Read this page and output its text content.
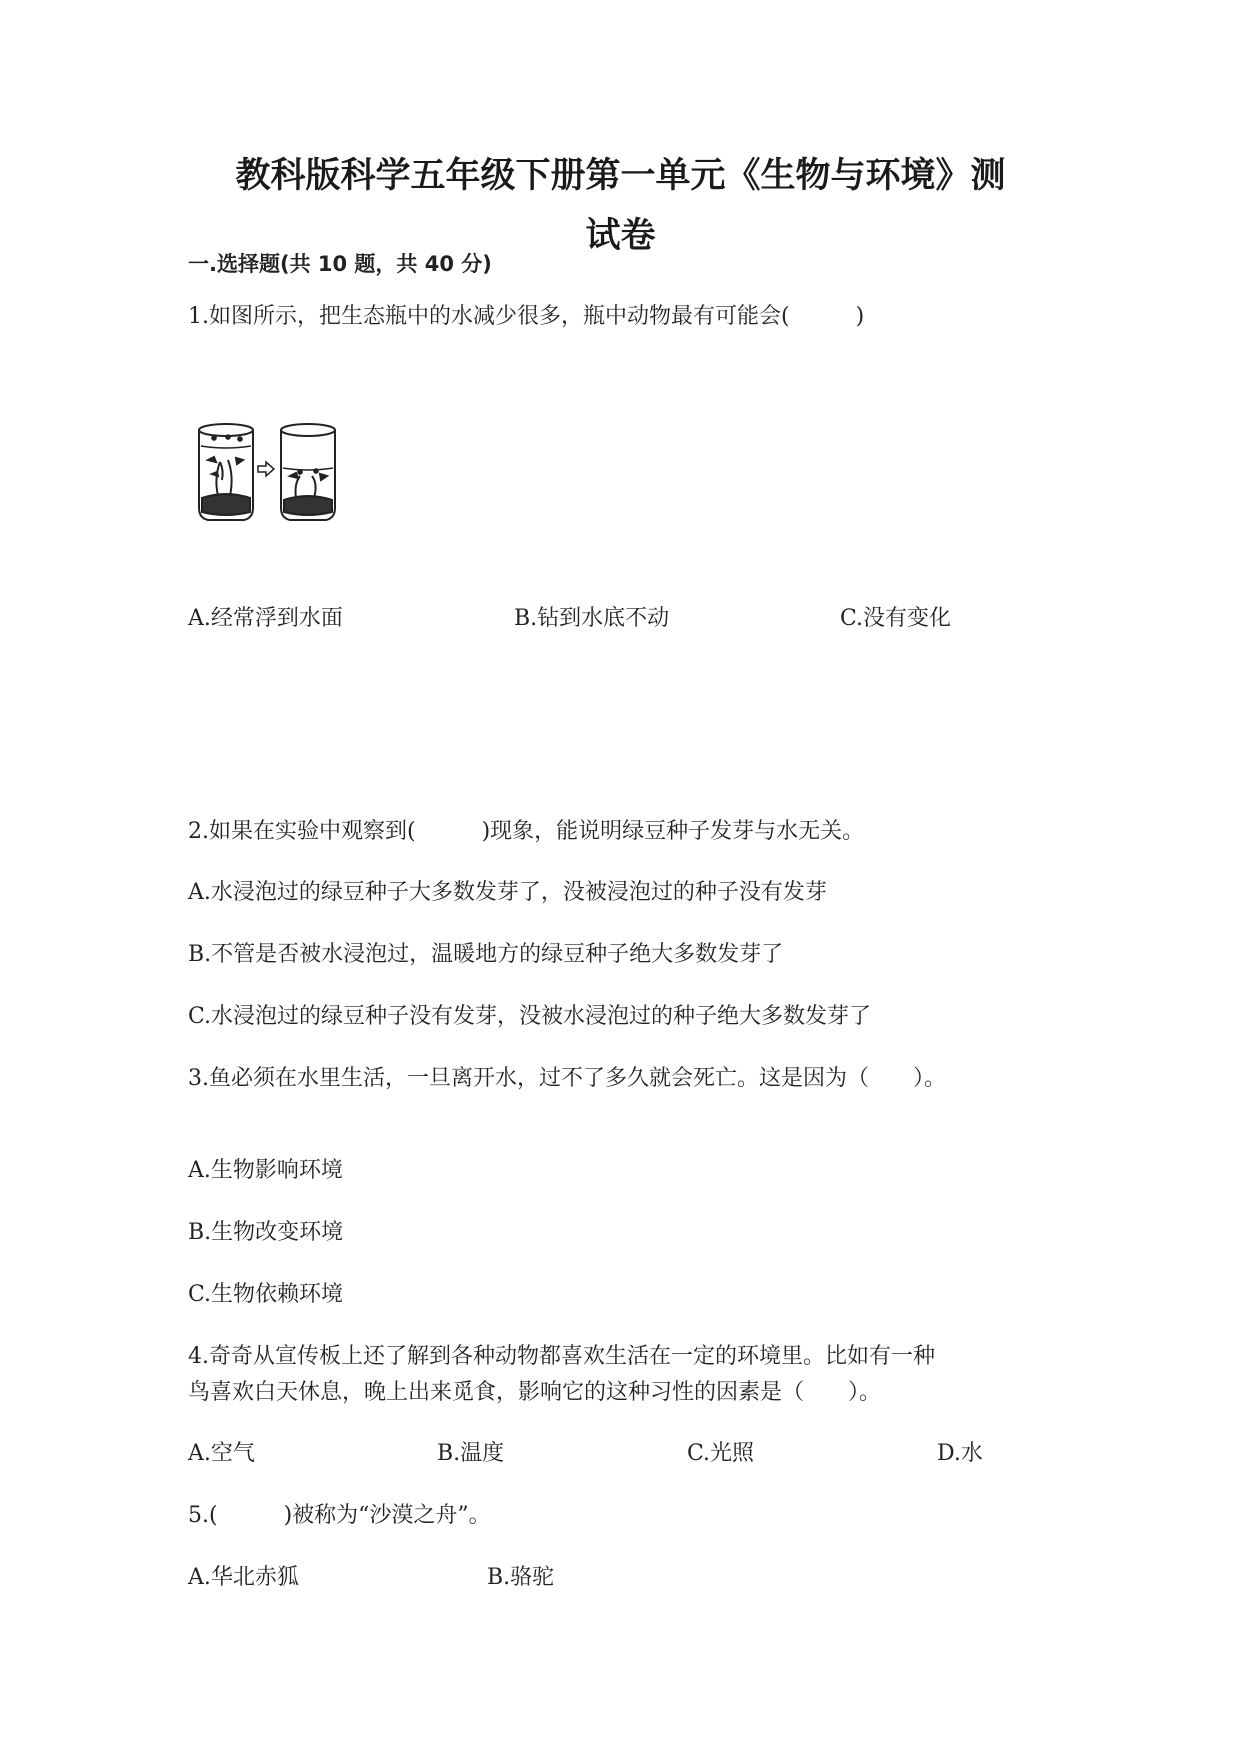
教科版科学五年级下册第一单元《生物与环境》测
试卷
一.选择题(共 10 题，共 40 分)
1.如图所示，把生态瓶中的水减少很多，瓶中动物最有可能会(　　　)
A.经常浮到水面	B.钻到水底不动	C.没有变化
2.如果在实验中观察到(　　　)现象，能说明绿豆种子发芽与水无关。
A.水浸泡过的绿豆种子大多数发芽了，没被浸泡过的种子没有发芽
B.不管是否被水浸泡过，温暖地方的绿豆种子绝大多数发芽了
C.水浸泡过的绿豆种子没有发芽，没被水浸泡过的种子绝大多数发芽了
3.鱼必须在水里生活，一旦离开水，过不了多久就会死亡。这是因为（　　）。
A.生物影响环境
B.生物改变环境
C.生物依赖环境
4.奇奇从宣传板上还了解到各种动物都喜欢生活在一定的环境里。比如有一种
鸟喜欢白天休息，晚上出来觅食，影响它的这种习性的因素是（　　）。
A.空气	B.温度	C.光照	D.水
5.(　　　)被称为“沙漠之舟”。
A.华北赤狐	B.骆驼
